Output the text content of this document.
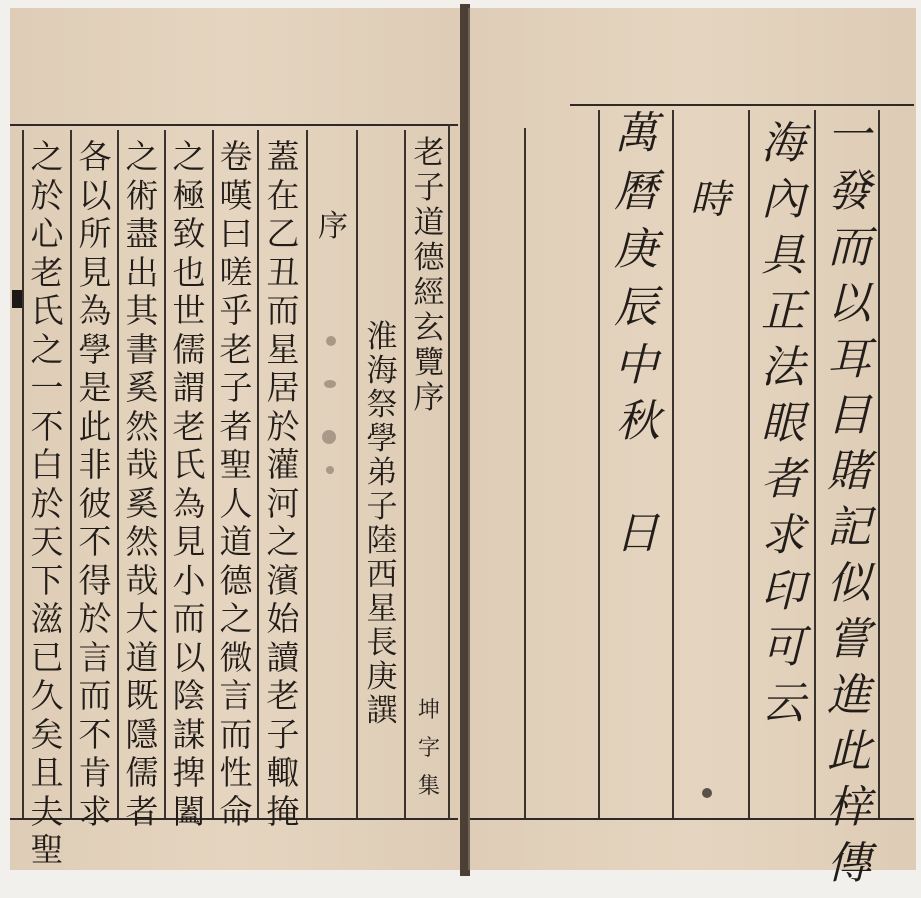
老
子
道
德
經
玄
覽
序
淮
海
祭
學
弟
子
陸
西
星
長
庚
譔 坤
字
集
序
蓋
在
乙
丑
而
星
居
於
灌
河
之
濱
始
讀
老
子
輙
掩
卷
嘆
曰
嗟
乎
老
子
者
聖
人
道
德
之
微
言
而
性
命
之
極
致
也
世
儒
謂
老
氏
為
見
小
而
以
陰
謀
捭
闔
之
術
盡
出
其
書
奚
然
哉
奚
然
哉
大
道
既
隱
儒
者
各
以
所
見
為
學
是
此
非
彼
不
得
於
言
而
不
肯
求
之
於
心
老
氏
之
一
不
白
於
天
下
滋
已
久
矣
且
夫
聖
一
發
而
以
耳
目
賭
記
似
嘗
進
此
梓
傳
海
內
具
正
法
眼
者
求
印
可
云
時
萬
曆
庚
辰
中
秋
日
